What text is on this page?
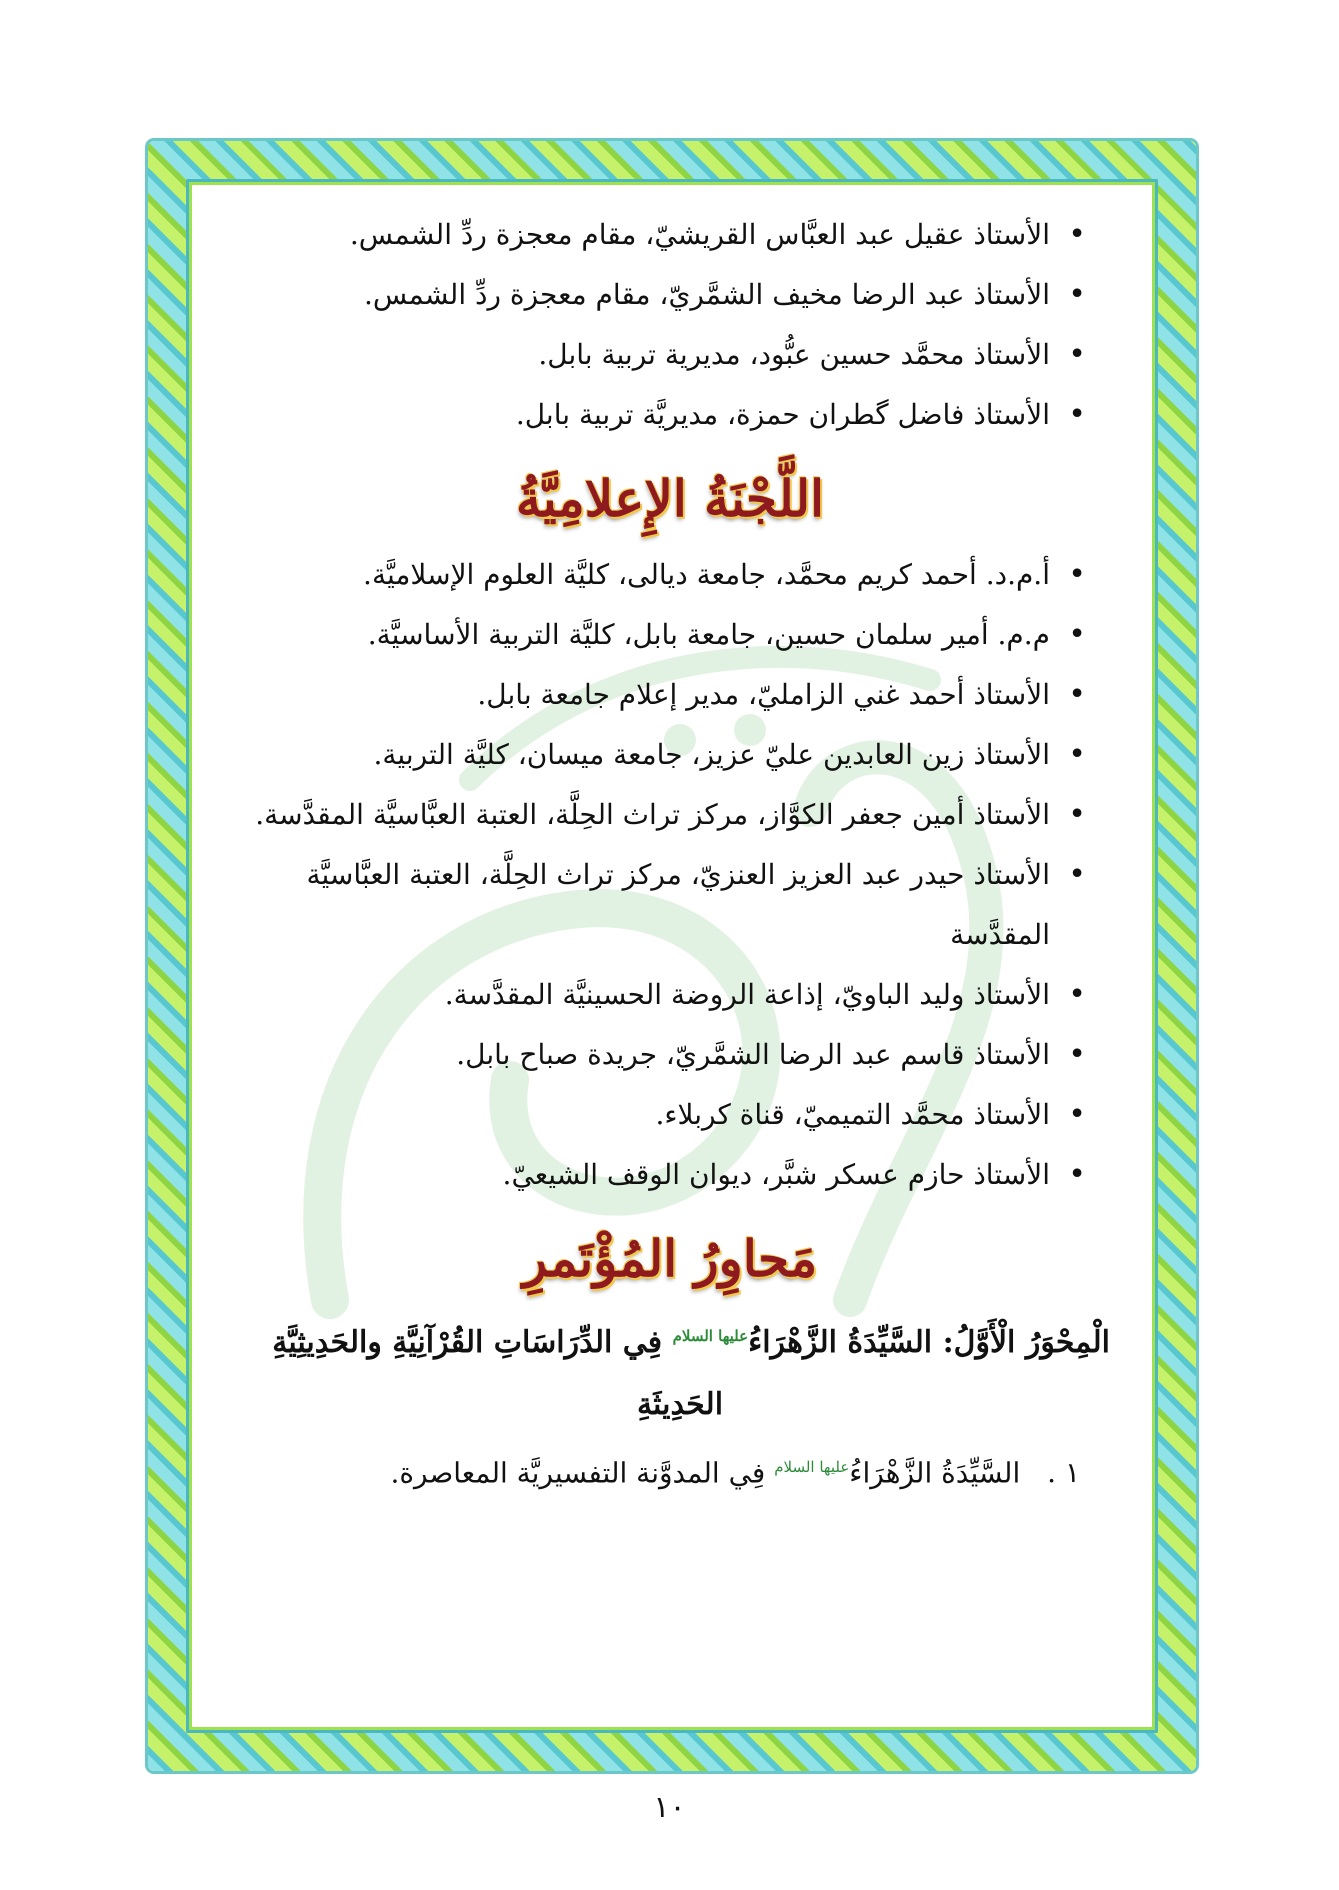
• الأستاذ عقيل عبد العبَّاس القريشيّ، مقام معجزة ردِّ الشمس.
• الأستاذ عبد الرضا مخيف الشمَّريّ، مقام معجزة ردِّ الشمس.
• الأستاذ محمَّد حسين عبُّود، مديرية تربية بابل.
• الأستاذ فاضل گطران حمزة، مديريَّة تربية بابل.
اللَّجْنَةُ الإِعلامِيَّةُ
• أ.م.د. أحمد كريم محمَّد، جامعة ديالى، كليَّة العلوم الإسلاميَّة.
• م.م. أمير سلمان حسين، جامعة بابل، كليَّة التربية الأساسيَّة.
• الأستاذ أحمد غني الزامليّ، مدير إعلام جامعة بابل.
• الأستاذ زين العابدين عليّ عزيز، جامعة ميسان، كليَّة التربية.
• الأستاذ أمين جعفر الكوَّاز، مركز تراث الحِلَّة، العتبة العبَّاسيَّة المقدَّسة.
• الأستاذ حيدر عبد العزيز العنزيّ، مركز تراث الحِلَّة، العتبة العبَّاسيَّة المقدَّسة
• الأستاذ وليد الباويّ، إذاعة الروضة الحسينيَّة المقدَّسة.
• الأستاذ قاسم عبد الرضا الشمَّريّ، جريدة صباح بابل.
• الأستاذ محمَّد التميميّ، قناة كربلاء.
• الأستاذ حازم عسكر شبَّر، ديوان الوقف الشيعيّ.
مَحاوِرُ المُؤْتَمرِ
الْمِحْوَرُ الْأَوَّلُ: السَّيِّدَةُ الزَّهْرَاءُ$^{عليها السلام}$ فِي الدِّرَاسَاتِ القُرْآنِيَّةِ والحَدِيثِيَّةِ
الحَدِيثَةِ
١ . السَّيِّدَةُ الزَّهْرَاءُ$^{عليها السلام}$ فِي المدوَّنة التفسيريَّة المعاصرة.
١٠
